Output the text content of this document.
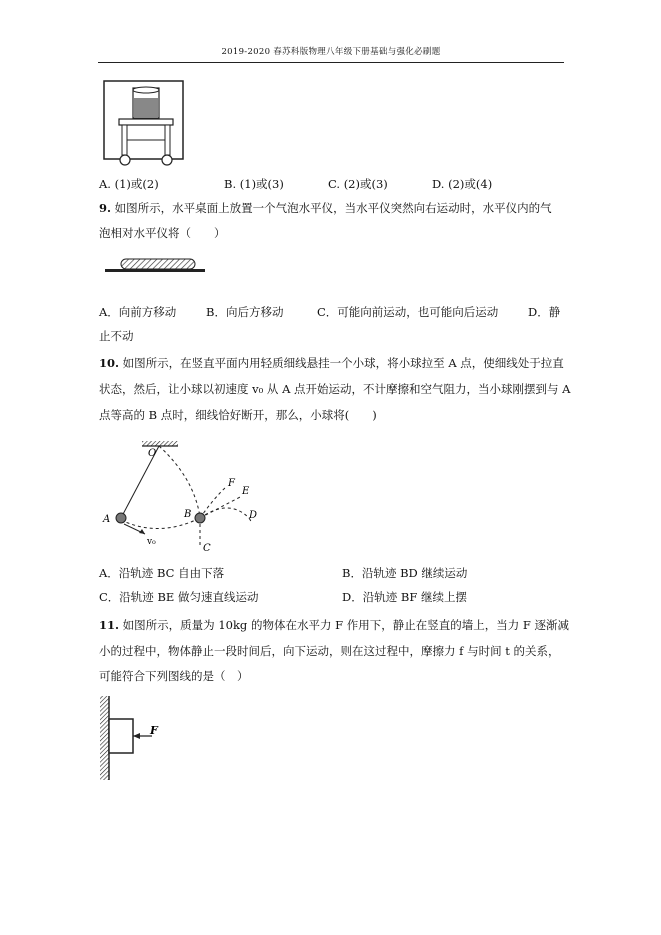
2019-2020 春苏科版物理八年级下册基础与强化必刷题
A. (1)或(2)	B. (1)或(3)	C. (2)或(3)	D. (2)或(4)
9. 如图所示，水平桌面上放置一个气泡水平仪，当水平仪突然向右运动时，水平仪内的气
泡相对水平仪将（　　）
A．向前方移动	B．向后方移动	C．可能向前运动，也可能向后运动	D．静
止不动
10. 如图所示，在竖直平面内用轻质细线悬挂一个小球，将小球拉至 A 点，使细线处于拉直
状态，然后，让小球以初速度 v₀ 从 A 点开始运动，不计摩擦和空气阻力，当小球刚摆到与 A
点等高的 B 点时，细线恰好断开，那么，小球将(　　)
O
A	B
C
D
E
F
v₀
A．沿轨迹 BC 自由下落	B．沿轨迹 BD 继续运动
C．沿轨迹 BE 做匀速直线运动	D．沿轨迹 BF 继续上摆
11. 如图所示，质量为 10kg 的物体在水平力 F 作用下，静止在竖直的墙上，当力 F 逐渐减
小的过程中，物体静止一段时间后，向下运动，则在这过程中，摩擦力 f 与时间 t 的关系，
可能符合下列图线的是（　）
F
